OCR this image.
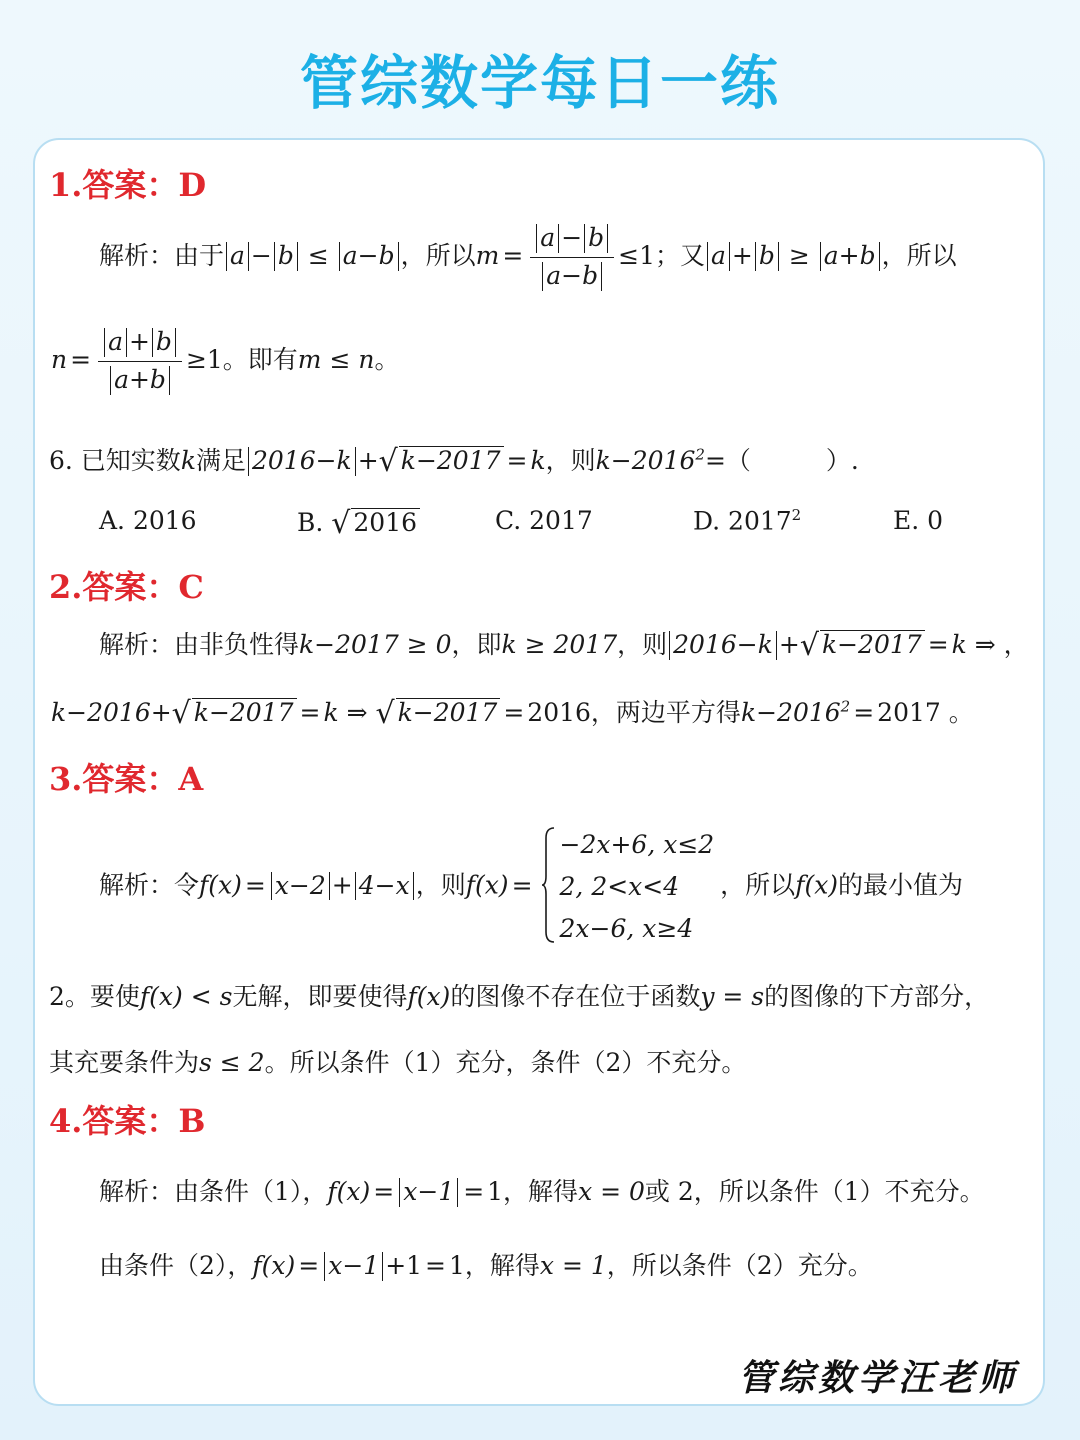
管综数学每日一练
1.答案：D
解析：由于 a − b ≤ a−b ，所以$m = \frac{a - b}{a-b} \le 1$；又 a + b ≥ a+b ，所以
$n = \frac{a + b}{a+b} \ge 1$。即有m ≤ n。
6. 已知实数k满足 2016−k +√ k−2017 = k，则$k-2016^2=$（　　　）.
A. 2016	B. √ 2016	C. 2017	D. 2017$^2$	E. 0
2.答案：C
解析：由非负性得k−2017 ≥ 0，即k ≥ 2017，则 2016−k +√ k−2017 = k ⇒ ，
k−2016+√ k−2017 = k ⇒ √ k−2017 = 2016，两边平方得$k-2016^2 = 2017$ 。
3.答案：A
解析：令f(x) = x−2 + 4−x ，则f(x) =
−2x+6, x≤2
2, 2<x<4
2x−6, x≥4
，所以f(x)的最小值为
2。要使f(x) < s无解，即要使得f(x)的图像不存在位于函数y = s的图像的下方部分，
其充要条件为s ≤ 2。所以条件（1）充分，条件（2）不充分。
4.答案：B
解析：由条件（1），f(x) = x−1 = 1，解得x = 0或 2，所以条件（1）不充分。
由条件（2），f(x) = x−1 +1 = 1，解得x = 1，所以条件（2）充分。
管综数学汪老师
